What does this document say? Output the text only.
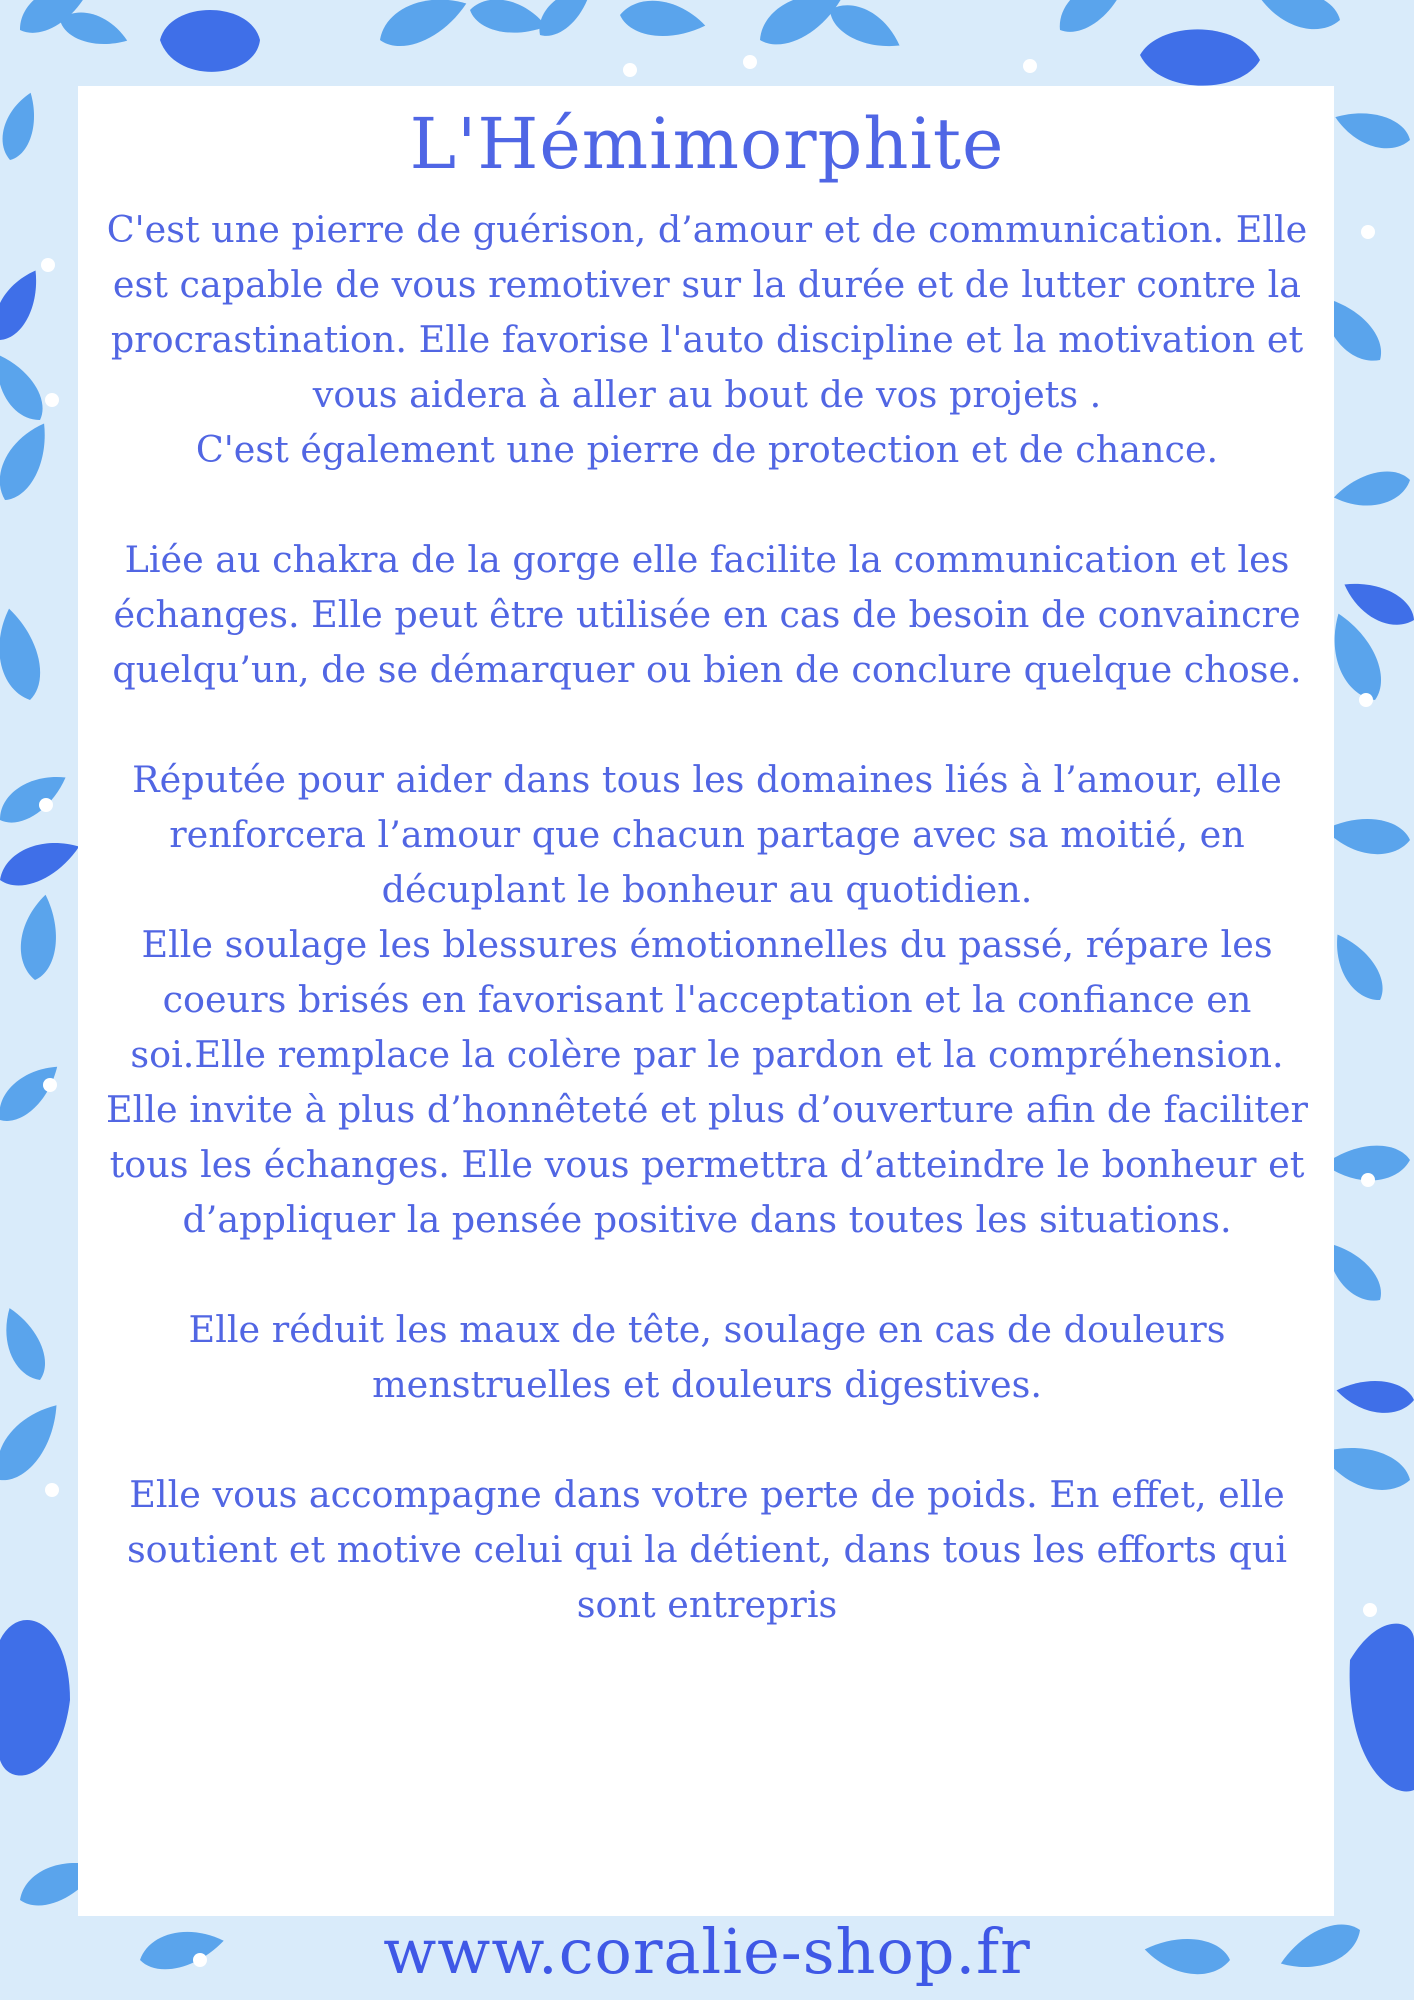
L'Hémimorphite

C'est une pierre de guérison, d’amour et de communication. Elle est capable de vous remotiver sur la durée et de lutter contre la procrastination. Elle favorise l'auto discipline et la motivation et vous aidera à aller au bout de vos projets .

C'est également une pierre de protection et de chance.

Liée au chakra de la gorge elle facilite la communication et les échanges. Elle peut être utilisée en cas de besoin de convaincre quelqu’un, de se démarquer ou bien de conclure quelque chose.

Réputée pour aider dans tous les domaines liés à l’amour, elle renforcera l’amour que chacun partage avec sa moitié, en décuplant le bonheur au quotidien.

Elle soulage les blessures émotionnelles du passé, répare les coeurs brisés en favorisant l'acceptation et la confiance en soi.Elle remplace la colère par le pardon et la compréhension.

Elle invite à plus d’honnêteté et plus d’ouverture afin de faciliter tous les échanges. Elle vous permettra d’atteindre le bonheur et d’appliquer la pensée positive dans toutes les situations.

Elle réduit les maux de tête, soulage en cas de douleurs menstruelles et douleurs digestives.

Elle vous accompagne dans votre perte de poids. En effet, elle soutient et motive celui qui la détient, dans tous les efforts qui sont entrepris

www.coralie-shop.fr
